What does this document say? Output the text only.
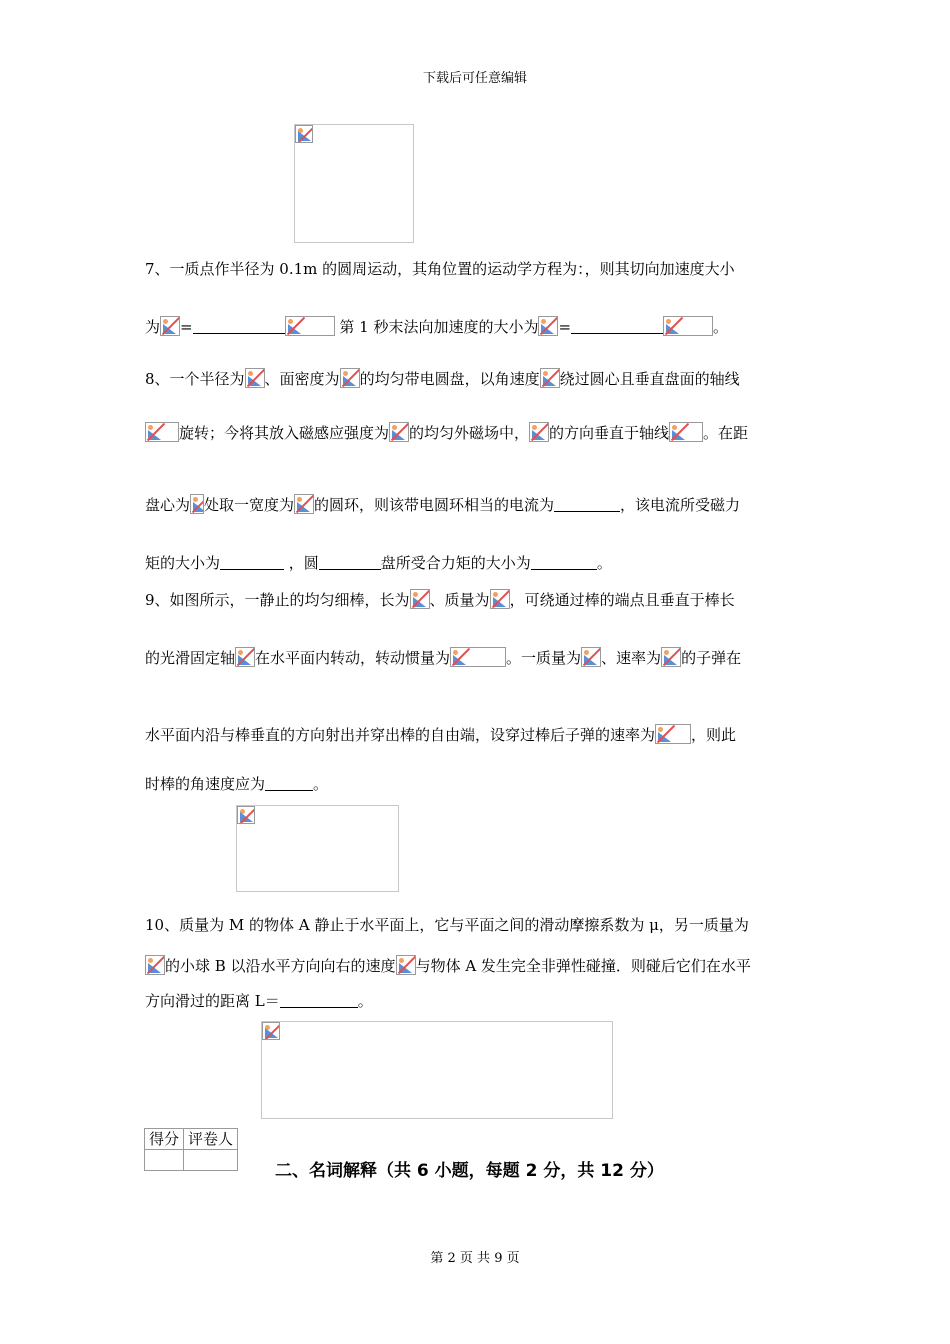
下载后可任意编辑
7、一质点作半径为 0.1m 的圆周运动，其角位置的运动学方程为：，则其切向加速度大小
为 =	第 1 秒末法向加速度的大小为 =	。
8、一个半径为 、面密度为 的均匀带电圆盘，以角速度 绕过圆心且垂直盘面的轴线
旋转；今将其放入磁感应强度为 的均匀外磁场中， 的方向垂直于轴线 。在距
盘心为 处取一宽度为 的圆环，则该带电圆环相当的电流为	，该电流所受磁力
矩的大小为	，圆	盘所受合力矩的大小为	。
9、如图所示，一静止的均匀细棒，长为 、质量为 ，可绕通过棒的端点且垂直于棒长
的光滑固定轴 在水平面内转动，转动惯量为	。一质量为 、速率为 的子弹在
水平面内沿与棒垂直的方向射出并穿出棒的自由端，设穿过棒后子弹的速率为 ，则此
时棒的角速度应为	。
10、质量为 M 的物体 A 静止于水平面上，它与平面之间的滑动摩擦系数为 μ，另一质量为
的小球 B 以沿水平方向向右的速度 与物体 A 发生完全非弹性碰撞．则碰后它们在水平
方向滑过的距离 L＝	。
得分	评卷人

二、名词解释（共 6 小题，每题 2 分，共 12 分）
第 2 页 共 9 页
